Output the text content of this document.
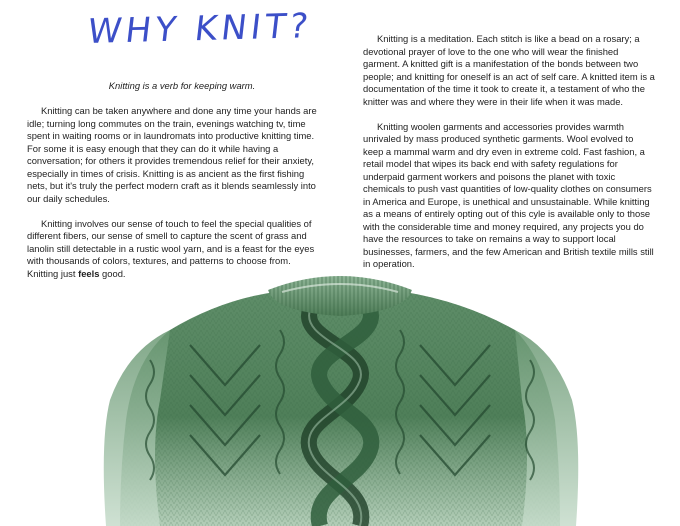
WHY KNIT?

Knitting is a verb for keeping warm.

Knitting can be taken anywhere and done any time your hands are idle; turning long commutes on the train, evenings watching tv, time spent in waiting rooms or in laundromats into productive knitting time. For some it is easy enough that they can do it while having a conversation; for others it provides tremendous relief for their anxiety, especially in times of crisis. Knitting is as ancient as the first fishing nets, but it's truly the perfect modern craft as it blends seamlessly into our daily schedules.

Knitting involves our sense of touch to feel the special qualities of different fibers, our sense of smell to capture the scent of grass and lanolin still detectable in a rustic wool yarn, and is a feast for the eyes with thousands of colors, textures, and patterns to choose from. Knitting just feels good.

Knitting is a meditation. Each stitch is like a bead on a rosary; a devotional prayer of love to the one who will wear the finished garment. A knitted gift is a manifestation of the bonds between two people; and knitting for oneself is an act of self care. A knitted item is a documentation of the time it took to create it, a testament of who the knitter was and where they were in their life when it was made.

Knitting woolen garments and accessories provides warmth unrivaled by mass produced synthetic garments. Wool evolved to keep a mammal warm and dry even in extreme cold. Fast fashion, a retail model that wipes its back end with safety regulations for underpaid garment workers and poisons the planet with toxic chemicals to push vast quantities of low-quality clothes on consumers in America and Europe, is unethical and unsustainable. While knitting as a means of entirely opting out of this cyle is available only to those with the considerable time and money required, any projects you do have the resources to take on remains a way to support local businesses, farmers, and the few American and British textile mills still in operation.
